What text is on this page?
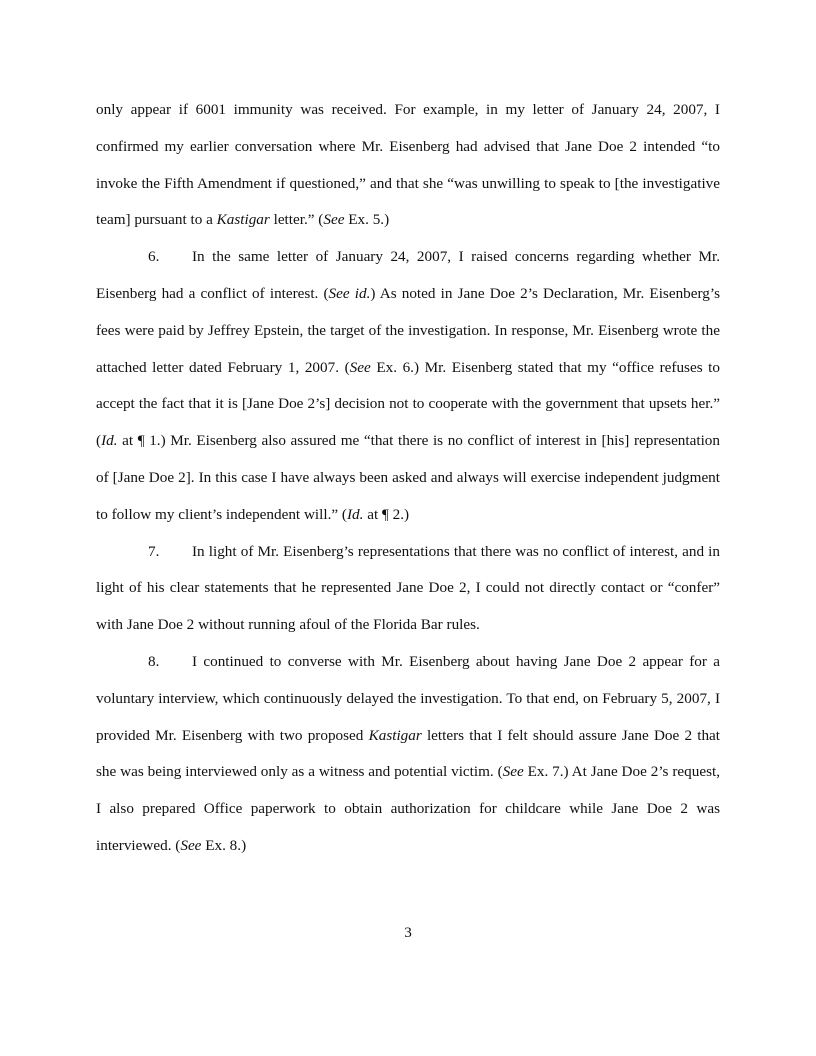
only appear if 6001 immunity was received. For example, in my letter of January 24, 2007, I confirmed my earlier conversation where Mr. Eisenberg had advised that Jane Doe 2 intended “to invoke the Fifth Amendment if questioned,” and that she “was unwilling to speak to [the investigative team] pursuant to a Kastigar letter.” (See Ex. 5.)

6. In the same letter of January 24, 2007, I raised concerns regarding whether Mr. Eisenberg had a conflict of interest. (See id.) As noted in Jane Doe 2’s Declaration, Mr. Eisenberg’s fees were paid by Jeffrey Epstein, the target of the investigation. In response, Mr. Eisenberg wrote the attached letter dated February 1, 2007. (See Ex. 6.) Mr. Eisenberg stated that my “office refuses to accept the fact that it is [Jane Doe 2’s] decision not to cooperate with the government that upsets her.” (Id. at ¶ 1.) Mr. Eisenberg also assured me “that there is no conflict of interest in [his] representation of [Jane Doe 2]. In this case I have always been asked and always will exercise independent judgment to follow my client’s independent will.” (Id. at ¶ 2.)

7. In light of Mr. Eisenberg’s representations that there was no conflict of interest, and in light of his clear statements that he represented Jane Doe 2, I could not directly contact or “confer” with Jane Doe 2 without running afoul of the Florida Bar rules.

8. I continued to converse with Mr. Eisenberg about having Jane Doe 2 appear for a voluntary interview, which continuously delayed the investigation. To that end, on February 5, 2007, I provided Mr. Eisenberg with two proposed Kastigar letters that I felt should assure Jane Doe 2 that she was being interviewed only as a witness and potential victim. (See Ex. 7.) At Jane Doe 2’s request, I also prepared Office paperwork to obtain authorization for childcare while Jane Doe 2 was interviewed. (See Ex. 8.)

3
